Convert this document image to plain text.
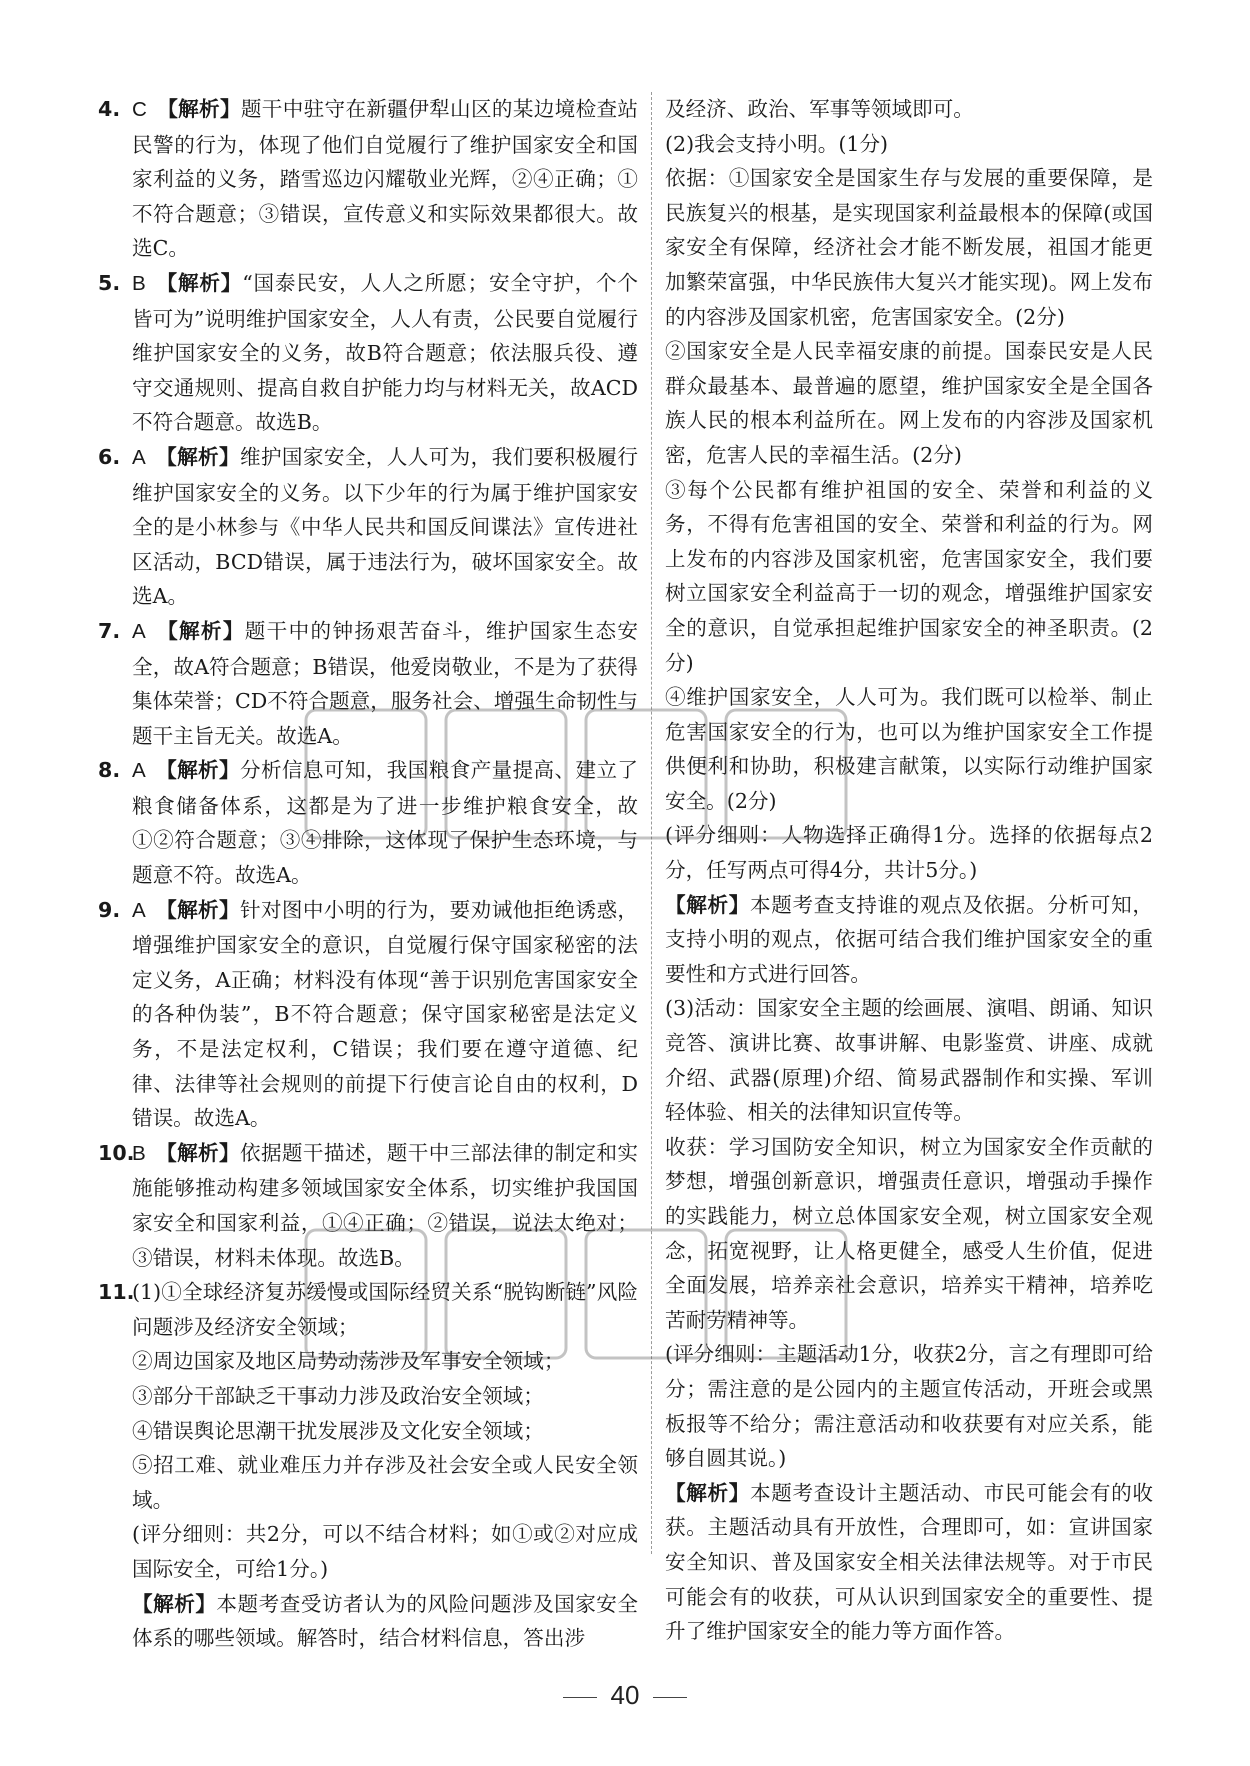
4. C 【解析】题干中驻守在新疆伊犁山区的某边境检查站民警的行为，体现了他们自觉履行了维护国家安全和国家利益的义务，踏雪巡边闪耀敬业光辉，②④正确；①不符合题意；③错误，宣传意义和实际效果都很大。故选C。
5. B 【解析】“国泰民安，人人之所愿；安全守护，个个皆可为”说明维护国家安全，人人有责，公民要自觉履行维护国家安全的义务，故B符合题意；依法服兵役、遵守交通规则、提高自救自护能力均与材料无关，故ACD不符合题意。故选B。
6. A 【解析】维护国家安全，人人可为，我们要积极履行维护国家安全的义务。以下少年的行为属于维护国家安全的是小林参与《中华人民共和国反间谍法》宣传进社区活动，BCD错误，属于违法行为，破坏国家安全。故选A。
7. A 【解析】题干中的钟扬艰苦奋斗，维护国家生态安全，故A符合题意；B错误，他爱岗敬业，不是为了获得集体荣誉；CD不符合题意，服务社会、增强生命韧性与题干主旨无关。故选A。
8. A 【解析】分析信息可知，我国粮食产量提高、建立了粮食储备体系，这都是为了进一步维护粮食安全，故①②符合题意；③④排除，这体现了保护生态环境，与题意不符。故选A。
9. A 【解析】针对图中小明的行为，要劝诫他拒绝诱惑，增强维护国家安全的意识，自觉履行保守国家秘密的法定义务，A正确；材料没有体现“善于识别危害国家安全的各种伪装”，B不符合题意；保守国家秘密是法定义务，不是法定权利，C错误；我们要在遵守道德、纪律、法律等社会规则的前提下行使言论自由的权利，D错误。故选A。
10.
B 【解析】依据题干描述，题干中三部法律的制定和实施能够推动构建多领域国家安全体系，切实维护我国国家安全和国家利益，①④正确；②错误，说法太绝对；③错误，材料未体现。故选B。
11.

(1)①全球经济复苏缓慢或国际经贸关系“脱钩断链”风险问题涉及经济安全领域；

②周边国家及地区局势动荡涉及军事安全领域；

③部分干部缺乏干事动力涉及政治安全领域；

④错误舆论思潮干扰发展涉及文化安全领域；

⑤招工难、就业难压力并存涉及社会安全或人民安全领域。

(评分细则：共2分，可以不结合材料；如①或②对应成国际安全，可给1分。)

【解析】本题考查受访者认为的风险问题涉及国家安全体系的哪些领域。解答时，结合材料信息，答出涉

及经济、政治、军事等领域即可。

(2)我会支持小明。(1分)

依据：①国家安全是国家生存与发展的重要保障，是民族复兴的根基，是实现国家利益最根本的保障(或国家安全有保障，经济社会才能不断发展，祖国才能更加繁荣富强，中华民族伟大复兴才能实现)。网上发布的内容涉及国家机密，危害国家安全。(2分)

②国家安全是人民幸福安康的前提。国泰民安是人民群众最基本、最普遍的愿望，维护国家安全是全国各族人民的根本利益所在。网上发布的内容涉及国家机密，危害人民的幸福生活。(2分)

③每个公民都有维护祖国的安全、荣誉和利益的义务，不得有危害祖国的安全、荣誉和利益的行为。网上发布的内容涉及国家机密，危害国家安全，我们要树立国家安全利益高于一切的观念，增强维护国家安全的意识，自觉承担起维护国家安全的神圣职责。(2分)

④维护国家安全，人人可为。我们既可以检举、制止危害国家安全的行为，也可以为维护国家安全工作提供便利和协助，积极建言献策，以实际行动维护国家安全。(2分)

(评分细则：人物选择正确得1分。选择的依据每点2分，任写两点可得4分，共计5分。)

【解析】本题考查支持谁的观点及依据。分析可知，支持小明的观点，依据可结合我们维护国家安全的重要性和方式进行回答。

(3)活动：国家安全主题的绘画展、演唱、朗诵、知识竞答、演讲比赛、故事讲解、电影鉴赏、讲座、成就介绍、武器(原理)介绍、简易武器制作和实操、军训轻体验、相关的法律知识宣传等。

收获：学习国防安全知识，树立为国家安全作贡献的梦想，增强创新意识，增强责任意识，增强动手操作的实践能力，树立总体国家安全观，树立国家安全观念，拓宽视野，让人格更健全，感受人生价值，促进全面发展，培养亲社会意识，培养实干精神，培养吃苦耐劳精神等。

(评分细则：主题活动1分，收获2分，言之有理即可给分；需注意的是公园内的主题宣传活动，开班会或黑板报等不给分；需注意活动和收获要有对应关系，能够自圆其说。)

【解析】本题考查设计主题活动、市民可能会有的收获。主题活动具有开放性，合理即可，如：宣讲国家安全知识、普及国家安全相关法律法规等。对于市民可能会有的收获，可从认识到国家安全的重要性、提升了维护国家安全的能力等方面作答。

40
